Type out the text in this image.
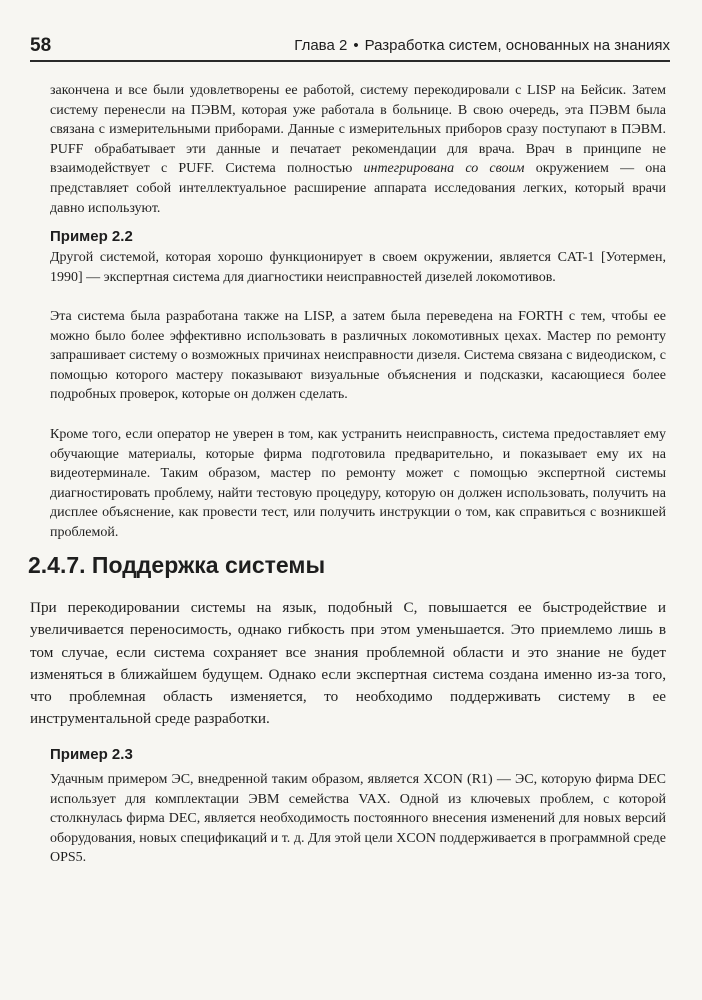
58	Глава 2 • Разработка систем, основанных на знаниях

закончена и все были удовлетворены ее работой, систему перекодировали с LISP на Бейсик. Затем систему перенесли на ПЭВМ, которая уже работала в больнице. В свою очередь, эта ПЭВМ была связана с измерительными приборами. Данные с измерительных приборов сразу поступают в ПЭВМ. PUFF обрабатывает эти данные и печатает рекомендации для врача. Врач в принципе не взаимодействует с PUFF. Система полностью интегрирована со своим окружением — она представляет собой интеллектуальное расширение аппарата исследования легких, который врачи давно используют.

Пример 2.2

Другой системой, которая хорошо функционирует в своем окружении, является CAT-1 [Уотермен, 1990] — экспертная система для диагностики неисправностей дизелей локомотивов.

Эта система была разработана также на LISP, а затем была переведена на FORTH с тем, чтобы ее можно было более эффективно использовать в различных локомотивных цехах. Мастер по ремонту запрашивает систему о возможных причинах неисправности дизеля. Система связана с видеодиском, с помощью которого мастеру показывают визуальные объяснения и подсказки, касающиеся более подробных проверок, которые он должен сделать.

Кроме того, если оператор не уверен в том, как устранить неисправность, система предоставляет ему обучающие материалы, которые фирма подготовила предварительно, и показывает ему их на видеотерминале. Таким образом, мастер по ремонту может с помощью экспертной системы диагностировать проблему, найти тестовую процедуру, которую он должен использовать, получить на дисплее объяснение, как провести тест, или получить инструкции о том, как справиться с возникшей проблемой.

2.4.7. Поддержка системы

При перекодировании системы на язык, подобный С, повышается ее быстродействие и увеличивается переносимость, однако гибкость при этом уменьшается. Это приемлемо лишь в том случае, если система сохраняет все знания проблемной области и это знание не будет изменяться в ближайшем будущем. Однако если экспертная система создана именно из-за того, что проблемная область изменяется, то необходимо поддерживать систему в ее инструментальной среде разработки.

Пример 2.3

Удачным примером ЭС, внедренной таким образом, является XCON (R1) — ЭС, которую фирма DEC использует для комплектации ЭВМ семейства VAX. Одной из ключевых проблем, с которой столкнулась фирма DEC, является необходимость постоянного внесения изменений для новых версий оборудования, новых спецификаций и т. д. Для этой цели XCON поддерживается в программной среде OPS5.
